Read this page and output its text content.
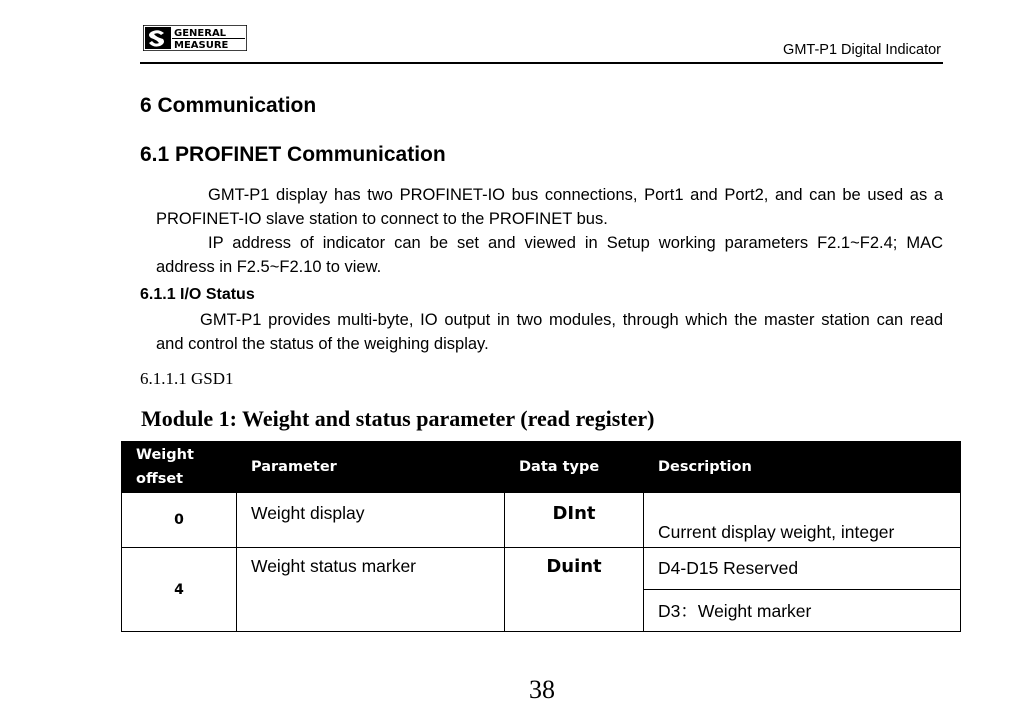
GENERAL
MEASURE	GMT-P1 Digital Indicator
6 Communication
6.1 PROFINET Communication
GMT-P1 display has two PROFINET-IO bus connections, Port1 and Port2, and can be used as a PROFINET-IO slave station to connect to the PROFINET bus.
IP address of indicator can be set and viewed in Setup working parameters F2.1~F2.4; MAC address in F2.5~F2.10 to view.
6.1.1 I/O Status
GMT-P1 provides multi-byte, IO output in two modules, through which the master station can read and control the status of the weighing display.
6.1.1.1 GSD1
Module 1: Weight and status parameter (read register)
Weight offset	Parameter	Data type	Description
0	Weight display	DInt	Current display weight, integer
4	Weight status marker	Duint	D4-D15 Reserved
			D3：Weight marker
38
